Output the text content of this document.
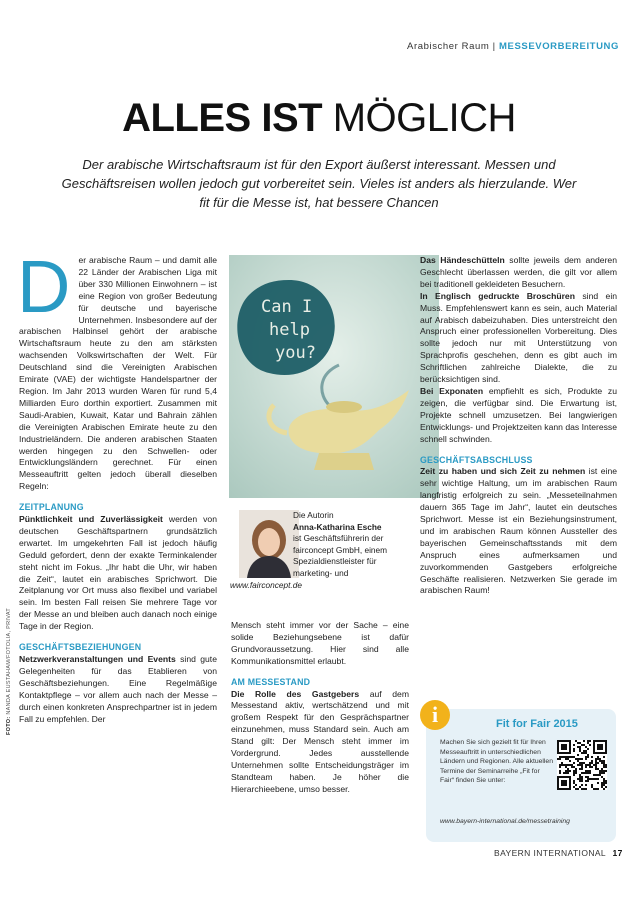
Arabischer Raum | MESSEVORBEREITUNG
ALLES IST MÖGLICH
Der arabische Wirtschaftsraum ist für den Export äußerst interessant. Messen und Geschäftsreisen wollen jedoch gut vorbereitet sein. Vieles ist anders als hierzulande. Wer fit für die Messe ist, hat bessere Chancen
FOTO: NANDA EUSTAHAM/FOTOLIA, PRIVAT

D er arabische Raum – und damit alle 22 Länder der Arabischen Liga mit über 330 Millionen Einwohnern – ist eine Region von großer Bedeutung für deutsche und bayerische Unternehmen. Insbesondere auf der arabischen Halbinsel gehört der arabische Wirtschaftsraum heute zu den am stärksten wachsenden Volkswirtschaften der Welt. Für Deutschland sind die Vereinigten Arabischen Emirate (VAE) der wichtigste Handelspartner der Region. Im Jahr 2013 wurden Waren für rund 5,4 Milliarden Euro dorthin exportiert. Zusammen mit Saudi-Arabien, Kuwait, Katar und Bahrain zählen die Vereinigten Arabischen Emirate heute zu den Industrieländern. Die anderen arabischen Staaten werden hingegen zu den Schwellen- oder Entwicklungsländern gerechnet. Für einen Messeauftritt gelten jedoch überall dieselben Regeln:

ZEITPLANUNG

Pünktlichkeit und Zuverlässigkeit werden von deutschen Geschäftspartnern grundsätzlich erwartet. Im umgekehrten Fall ist jedoch häufig Geduld gefordert, denn der exakte Terminkalender steht nicht im Fokus. „Ihr habt die Uhr, wir haben die Zeit“, lautet ein arabisches Sprichwort. Die Zeitplanung vor Ort muss also flexibel und variabel sein. Im besten Fall reisen Sie mehrere Tage vor der Messe an und bleiben auch danach noch einige Tage in der Region.

GESCHÄFTSBEZIEHUNGEN

Netzwerkveranstaltungen und Events sind gute Gelegenheiten für das Etablieren von Geschäftsbeziehungen. Eine Regelmäßige Kontaktpflege – vor allem auch nach der Messe – durch einen konkreten Ansprechpartner ist in jedem Fall zu empfehlen. Der

Can I
help
you?
Die Autorin
Anna-Katharina Esche
ist Geschäftsführerin der fairconcept GmbH, einem Spezialdienstleister für marketing- und
www.fairconcept.de

Mensch steht immer vor der Sache – eine solide Beziehungsebene ist dafür Grundvoraussetzung. Hier sind alle Kommunikationsmittel erlaubt.

AM MESSESTAND

Die Rolle des Gastgebers auf dem Messestand aktiv, wertschätzend und mit großem Respekt für den Gesprächspartner einzunehmen, muss Standard sein. Auch am Stand gilt: Der Mensch steht immer im Vordergrund. Jedes ausstellende Unternehmen sollte Entscheidungsträger im Standteam haben. Je höher die Hierarchieebene, umso besser.

Das Händeschütteln sollte jeweils dem anderen Geschlecht überlassen werden, die gilt vor allem bei traditionell gekleideten Besuchern.

In Englisch gedruckte Broschüren sind ein Muss. Empfehlenswert kann es sein, auch Material auf Arabisch dabeizuhaben. Dies unterstreicht den Anspruch einer professionellen Vorbereitung. Dies sollte jedoch nur mit Unterstützung von Sprachprofis geschehen, denn es gibt auch im Schriftlichen zahlreiche Dialekte, die zu berücksichtigen sind.

Bei Exponaten empfiehlt es sich, Produkte zu zeigen, die verfügbar sind. Die Erwartung ist, Projekte schnell umzusetzen. Bei langwierigen Entwicklungs- und Projektzeiten kann das Interesse schnell schwinden.

GESCHÄFTSABSCHLUSS

Zeit zu haben und sich Zeit zu nehmen ist eine sehr wichtige Haltung, um im arabischen Raum langfristig erfolgreich zu sein. „Messeteilnahmen dauern 365 Tage im Jahr“, lautet ein deutsches Sprichwort. Messe ist ein Beziehungsinstrument, und im arabischen Raum können Aussteller des bayerischen Gemeinschaftsstands mit dem Anspruch eines aufmerksamen und zuvorkommenden Gastgebers erfolgreiche Geschäfte realisieren. Netzwerken Sie gerade im arabischen Raum!

i	Fit for Fair 2015
Machen Sie sich gezielt fit für Ihren Messeauftritt in unterschiedlichen Ländern und Regionen. Alle aktuellen Termine der Seminarreihe „Fit for Fair“ finden Sie unter:
www.bayern-international.de/messetraining
BAYERN INTERNATIONAL 17
